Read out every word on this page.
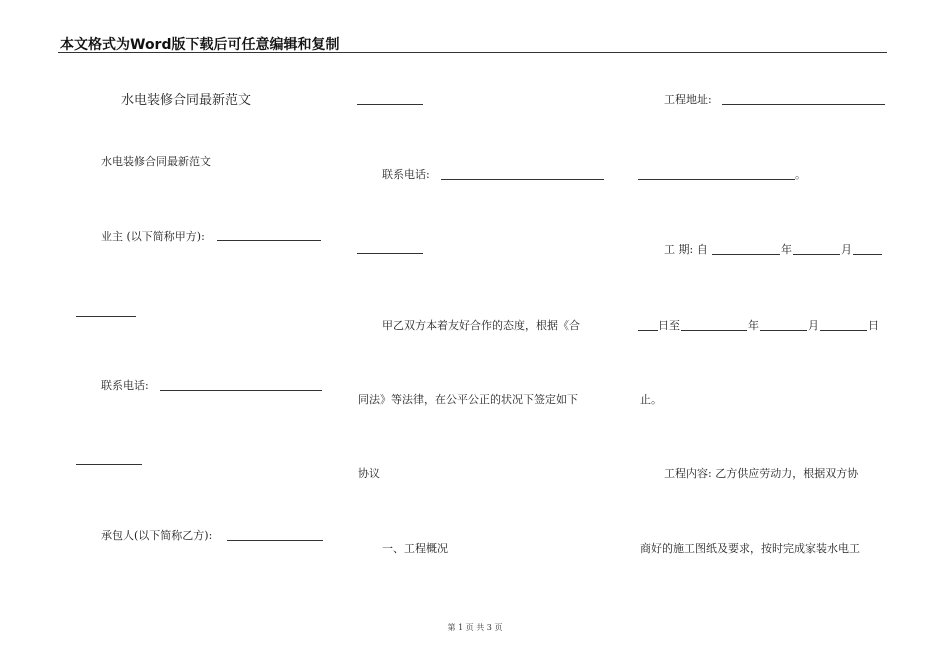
本文格式为Word版下载后可任意编辑和复制
水电装修合同最新范文
水电装修合同最新范文
业主 (以下简称甲方):
联系电话:
承包人(以下简称乙方):
联系电话:
甲乙双方本着友好合作的态度，根据《合
同法》等法律，在公平公正的状况下签定如下
协议
一、工程概况
工程地址:
。
工 期: 自	年	月
日至	年	月	日
止。
工程内容: 乙方供应劳动力，根据双方协
商好的施工图纸及要求，按时完成家装水电工
第 1 页 共 3 页
